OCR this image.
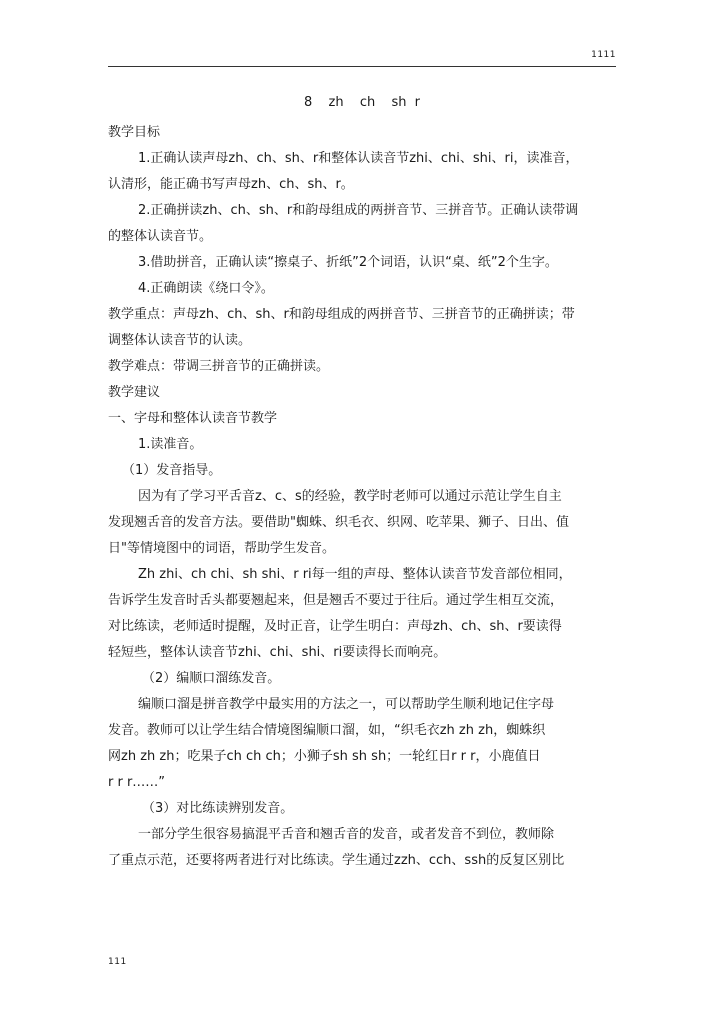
1111
8  zh  ch  sh r
教学目标
1.正确认读声母zh、ch、sh、r和整体认读音节zhi、chi、shi、ri，读准音，
认清形，能正确书写声母zh、ch、sh、r。
2.正确拼读zh、ch、sh、r和韵母组成的两拼音节、三拼音节。正确认读带调
的整体认读音节。
3.借助拼音，正确认读“擦桌子、折纸”2个词语，认识“桌、纸”2个生字。
4.正确朗读《绕口令》。
教学重点：声母zh、ch、sh、r和韵母组成的两拼音节、三拼音节的正确拼读；带
调整体认读音节的认读。
教学难点：带调三拼音节的正确拼读。
教学建议
一、字母和整体认读音节教学
1.读准音。
（1）发音指导。
因为有了学习平舌音z、c、s的经验，教学时老师可以通过示范让学生自主
发现翘舌音的发音方法。要借助"蜘蛛、织毛衣、织网、吃苹果、狮子、日出、值
日"等情境图中的词语，帮助学生发音。
Zh zhi、ch chi、sh shi、r ri每一组的声母、整体认读音节发音部位相同，
告诉学生发音时舌头都要翘起来，但是翘舌不要过于往后。通过学生相互交流，
对比练读，老师适时提醒，及时正音，让学生明白：声母zh、ch、sh、r要读得
轻短些，整体认读音节zhi、chi、shi、ri要读得长而响亮。
（2）编顺口溜练发音。
编顺口溜是拼音教学中最实用的方法之一，可以帮助学生顺利地记住字母
发音。教师可以让学生结合情境图编顺口溜，如，“织毛衣zh zh zh，蜘蛛织
网zh zh zh；吃果子ch ch ch；小狮子sh sh sh；一轮红日r r r，小鹿值日
r r r……”
（3）对比练读辨别发音。
一部分学生很容易搞混平舌音和翘舌音的发音，或者发音不到位，教师除
了重点示范，还要将两者进行对比练读。学生通过zzh、cch、ssh的反复区别比
111
